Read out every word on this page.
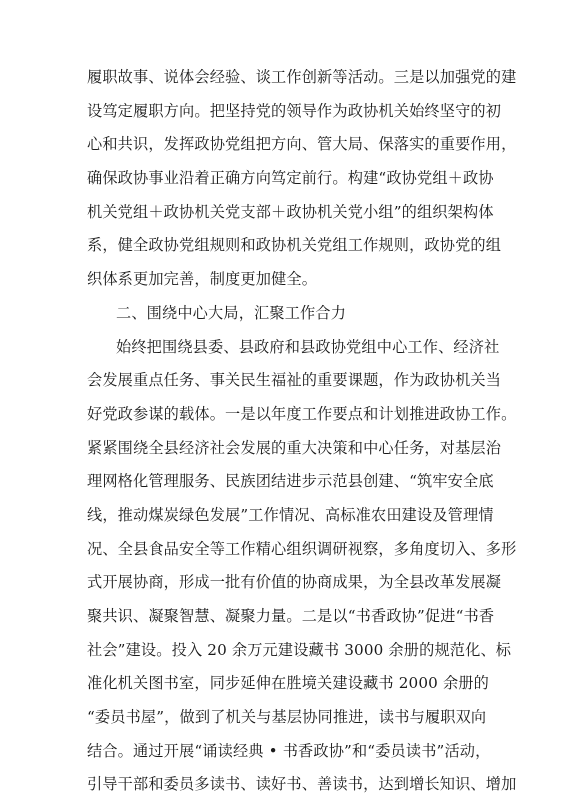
履职故事、说体会经验、谈工作创新等活动。三是以加强党的建
设笃定履职方向。把坚持党的领导作为政协机关始终坚守的初
心和共识，发挥政协党组把方向、管大局、保落实的重要作用，
确保政协事业沿着正确方向笃定前行。构建“政协党组＋政协
机关党组＋政协机关党支部＋政协机关党小组”的组织架构体
系，健全政协党组规则和政协机关党组工作规则，政协党的组
织体系更加完善，制度更加健全。
二、围绕中心大局，汇聚工作合力
始终把围绕县委、县政府和县政协党组中心工作、经济社
会发展重点任务、事关民生福祉的重要课题，作为政协机关当
好党政参谋的载体。一是以年度工作要点和计划推进政协工作。
紧紧围绕全县经济社会发展的重大决策和中心任务，对基层治
理网格化管理服务、民族团结进步示范县创建、“筑牢安全底
线，推动煤炭绿色发展”工作情况、高标准农田建设及管理情
况、全县食品安全等工作精心组织调研视察，多角度切入、多形
式开展协商，形成一批有价值的协商成果，为全县改革发展凝
聚共识、凝聚智慧、凝聚力量。二是以“书香政协”促进“书香
社会”建设。投入 20 余万元建设藏书 3000 余册的规范化、标
准化机关图书室，同步延伸在胜境关建设藏书 2000 余册的
“委员书屋”，做到了机关与基层协同推进，读书与履职双向
结合。通过开展“诵读经典 • 书香政协”和“委员读书”活动，
引导干部和委员多读书、读好书、善读书，达到增长知识、增加
